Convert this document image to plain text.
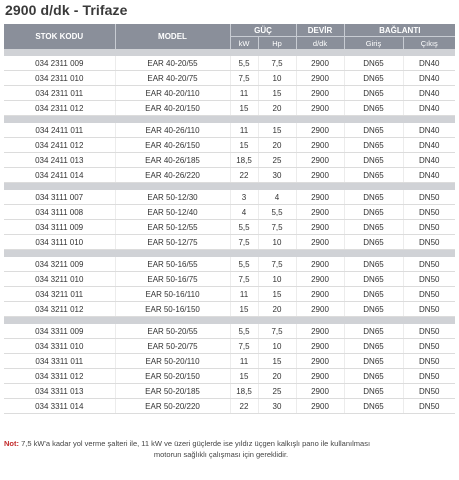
2900 d/dk - Trifaze
STOK KODU	MODEL	GÜÇ		DEVİR	BAĞLANTI	
		kW	Hp	d/dk	Giriş	Çıkış

034 2311 009	EAR 40-20/55	5,5	7,5	2900	DN65	DN40
034 2311 010	EAR 40-20/75	7,5	10	2900	DN65	DN40
034 2311 011	EAR 40-20/110	11	15	2900	DN65	DN40
034 2311 012	EAR 40-20/150	15	20	2900	DN65	DN40

034 2411 011	EAR 40-26/110	11	15	2900	DN65	DN40
034 2411 012	EAR 40-26/150	15	20	2900	DN65	DN40
034 2411 013	EAR 40-26/185	18,5	25	2900	DN65	DN40
034 2411 014	EAR 40-26/220	22	30	2900	DN65	DN40

034 3111 007	EAR 50-12/30	3	4	2900	DN65	DN50
034 3111 008	EAR 50-12/40	4	5,5	2900	DN65	DN50
034 3111 009	EAR 50-12/55	5,5	7,5	2900	DN65	DN50
034 3111 010	EAR 50-12/75	7,5	10	2900	DN65	DN50

034 3211 009	EAR 50-16/55	5,5	7,5	2900	DN65	DN50
034 3211 010	EAR 50-16/75	7,5	10	2900	DN65	DN50
034 3211 011	EAR 50-16/110	11	15	2900	DN65	DN50
034 3211 012	EAR 50-16/150	15	20	2900	DN65	DN50

034 3311 009	EAR 50-20/55	5,5	7,5	2900	DN65	DN50
034 3311 010	EAR 50-20/75	7,5	10	2900	DN65	DN50
034 3311 011	EAR 50-20/110	11	15	2900	DN65	DN50
034 3311 012	EAR 50-20/150	15	20	2900	DN65	DN50
034 3311 013	EAR 50-20/185	18,5	25	2900	DN65	DN50
034 3311 014	EAR 50-20/220	22	30	2900	DN65	DN50

Not: 7,5 kW'a kadar yol verme şalteri ile, 11 kW ve üzeri güçlerde ise yıldız üçgen kalkışlı pano ile kullanılması
motorun sağlıklı çalışması için gereklidir.
